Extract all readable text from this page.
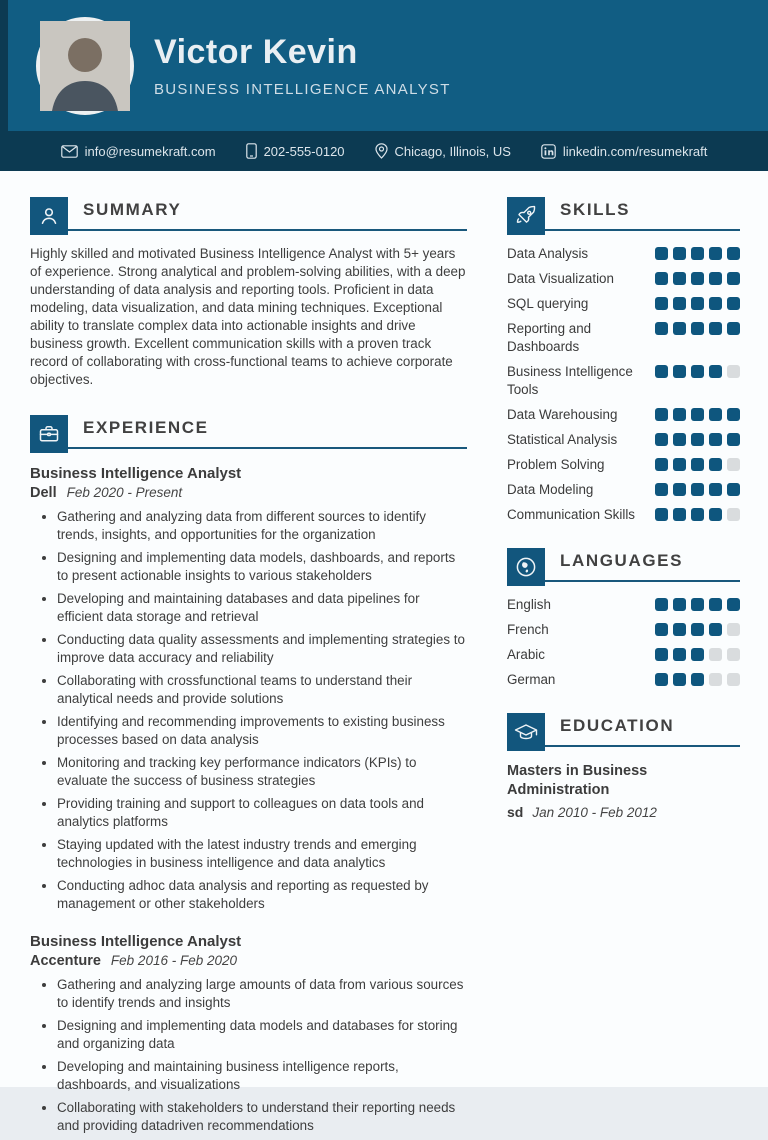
Victor Kevin
BUSINESS INTELLIGENCE ANALYST
info@resumekraft.com	202-555-0120	Chicago, Illinois, US	linkedin.com/resumekraft
SUMMARY

Highly skilled and motivated Business Intelligence Analyst with 5+ years of experience. Strong analytical and problem-solving abilities, with a deep understanding of data analysis and reporting tools. Proficient in data modeling, data visualization, and data mining techniques. Exceptional ability to translate complex data into actionable insights and drive business growth. Excellent communication skills with a proven track record of collaborating with cross-functional teams to achieve corporate objectives.

EXPERIENCE
Business Intelligence Analyst
Dell Feb 2020 - Present
• Gathering and analyzing data from different sources to identify trends, insights, and opportunities for the organization
• Designing and implementing data models, dashboards, and reports to present actionable insights to various stakeholders
• Developing and maintaining databases and data pipelines for efficient data storage and retrieval
• Conducting data quality assessments and implementing strategies to improve data accuracy and reliability
• Collaborating with crossfunctional teams to understand their analytical needs and provide solutions
• Identifying and recommending improvements to existing business processes based on data analysis
• Monitoring and tracking key performance indicators (KPIs) to evaluate the success of business strategies
• Providing training and support to colleagues on data tools and analytics platforms
• Staying updated with the latest industry trends and emerging technologies in business intelligence and data analytics
• Conducting adhoc data analysis and reporting as requested by management or other stakeholders
Business Intelligence Analyst
Accenture Feb 2016 - Feb 2020
• Gathering and analyzing large amounts of data from various sources to identify trends and insights
• Designing and implementing data models and databases for storing and organizing data
• Developing and maintaining business intelligence reports, dashboards, and visualizations
• Collaborating with stakeholders to understand their reporting needs and providing datadriven recommendations
SKILLS
Data Analysis
Data Visualization
SQL querying
Reporting and Dashboards
Business Intelligence Tools
Data Warehousing
Statistical Analysis
Problem Solving
Data Modeling
Communication Skills
LANGUAGES
English
French
Arabic
German
EDUCATION
Masters in Business Administration
sd Jan 2010 - Feb 2012
